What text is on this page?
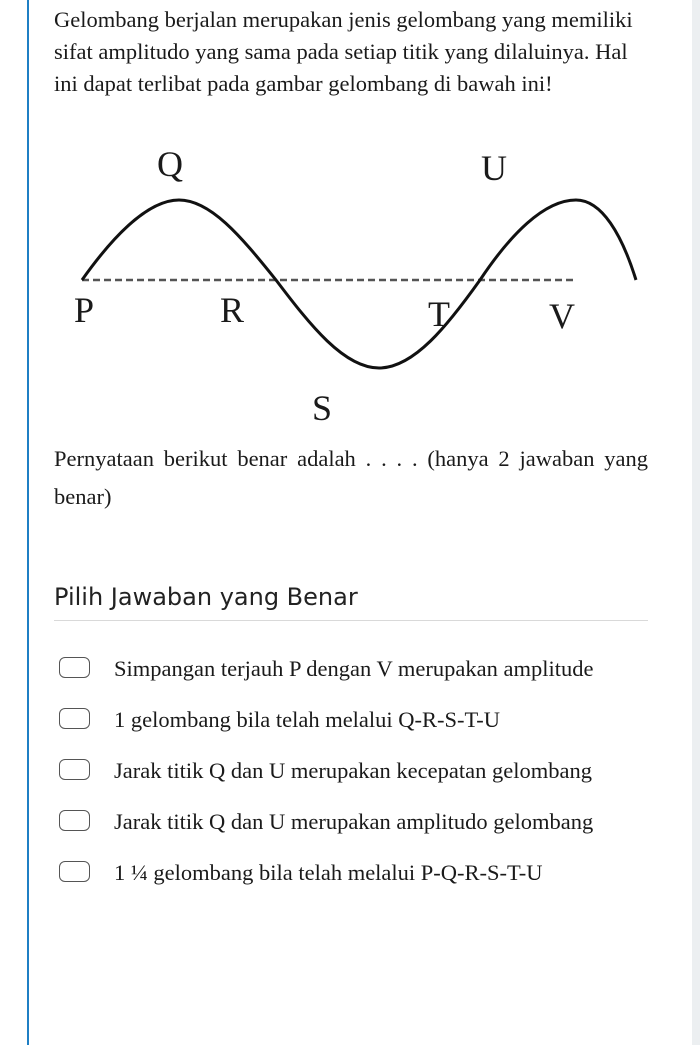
Gelombang berjalan merupakan jenis gelombang yang memiliki sifat amplitudo yang sama pada setiap titik yang dilaluinya. Hal ini dapat terlibat pada gambar gelombang di bawah ini!

Q	U
P	R	T	V
S

Pernyataan berikut benar adalah . . . . (hanya 2 jawaban yang benar)

Pilih Jawaban yang Benar
Simpangan terjauh P dengan V merupakan amplitude
1 gelombang bila telah melalui Q-R-S-T-U
Jarak titik Q dan U merupakan kecepatan gelombang
Jarak titik Q dan U merupakan amplitudo gelombang
1 ¼ gelombang bila telah melalui P-Q-R-S-T-U
